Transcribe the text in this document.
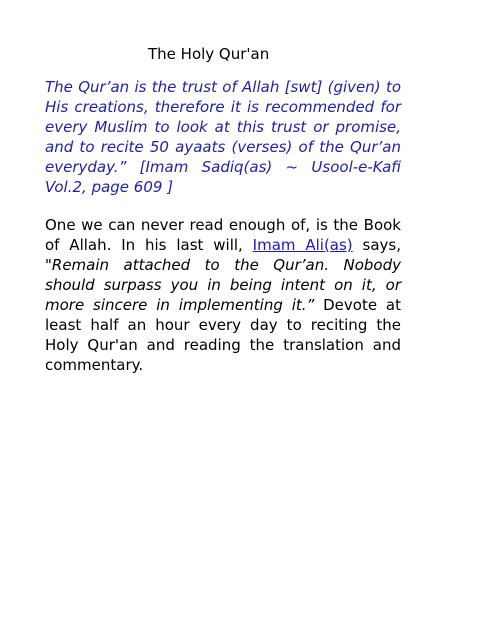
The Holy Qur'an

The Qur’an is the trust of Allah [swt] (given) to His creations, therefore it is recommended for every Muslim to look at this trust or promise, and to recite 50 ayaats (verses) of the Qur’an everyday.” [Imam Sadiq(as) ~ Usool-e-Kafi Vol.2, page 609 ]

One we can never read enough of, is the Book of Allah. In his last will, Imam Ali(as) says, "Remain attached to the Qur’an. Nobody should surpass you in being intent on it, or more sincere in implementing it.” Devote at least half an hour every day to reciting the Holy Qur'an and reading the translation and commentary.
